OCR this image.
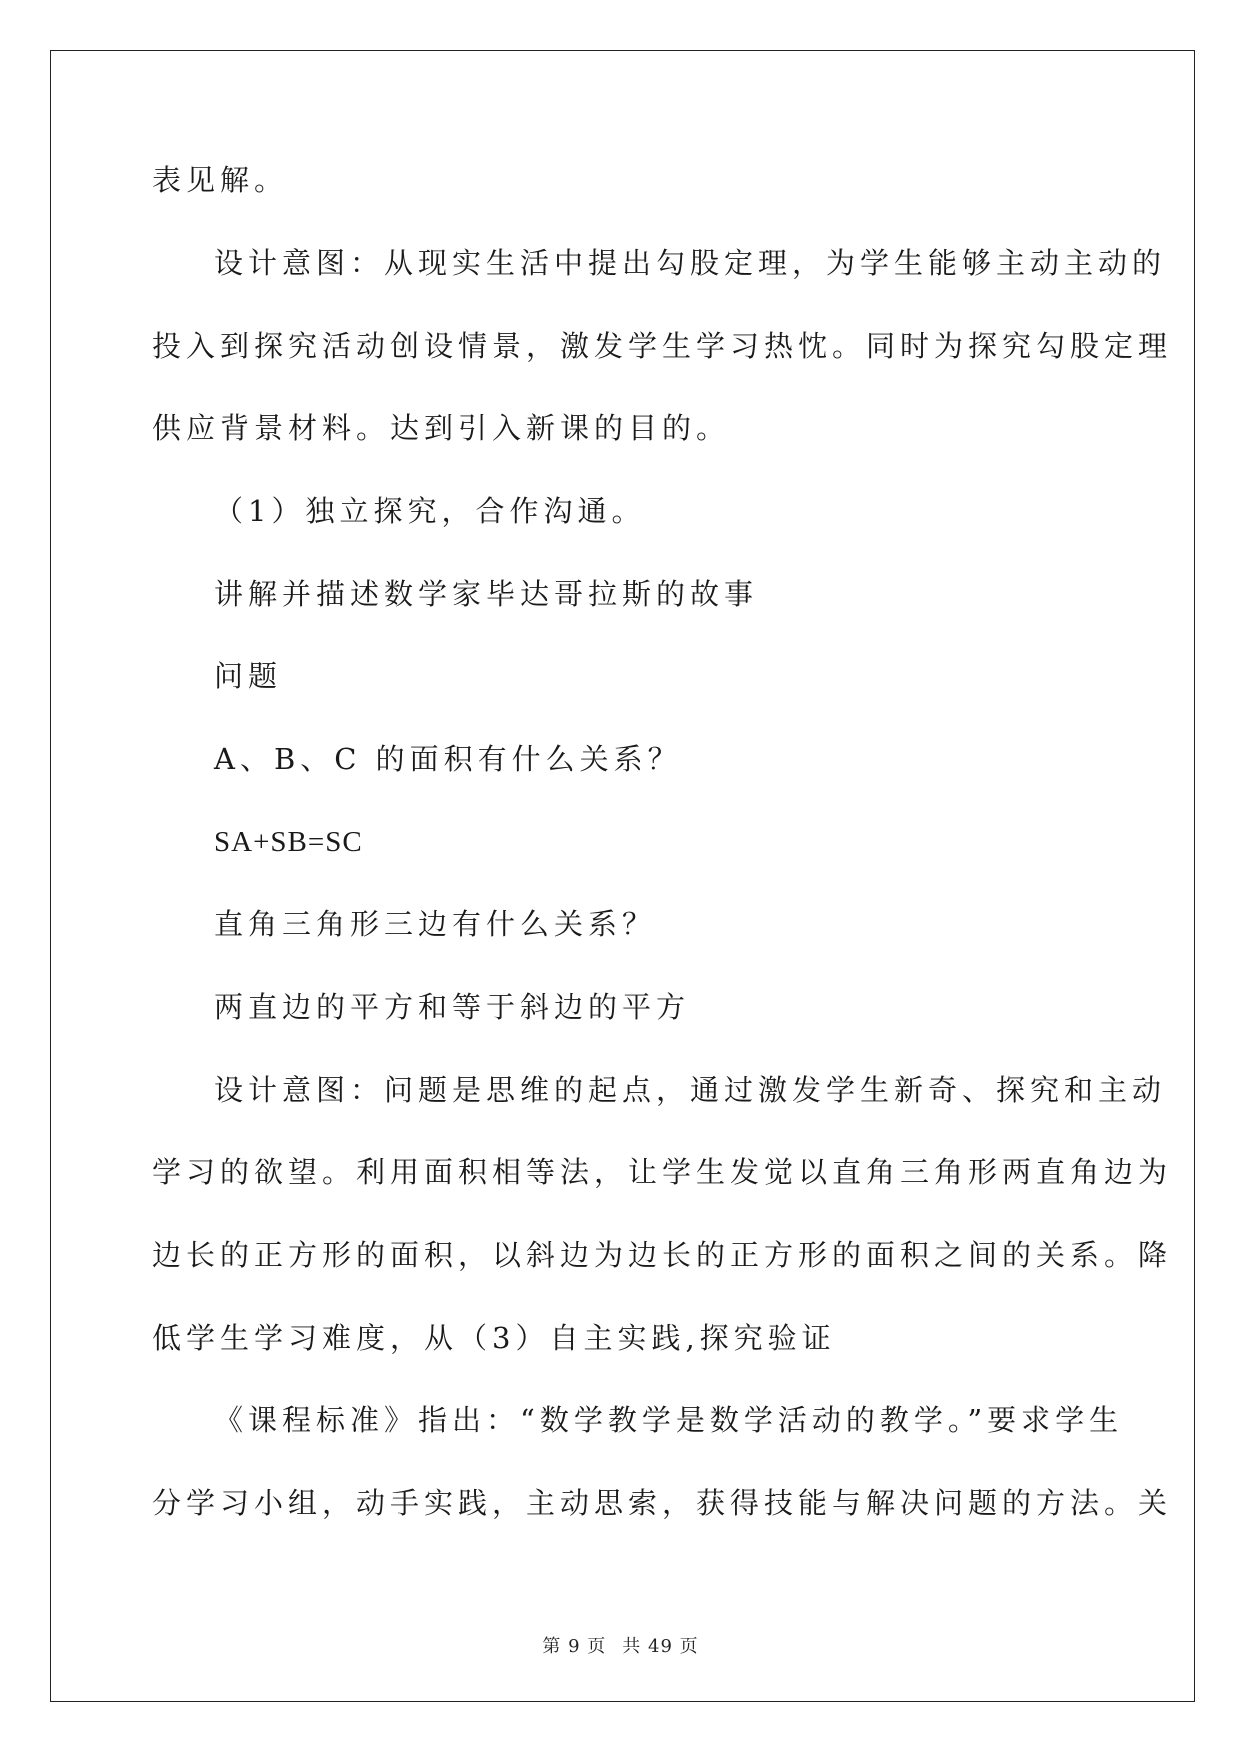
表见解。
设计意图：从现实生活中提出勾股定理，为学生能够主动主动的
投入到探究活动创设情景，激发学生学习热忱。同时为探究勾股定理
供应背景材料。达到引入新课的目的。
（1）独立探究，合作沟通。
讲解并描述数学家毕达哥拉斯的故事
问题
A、B、C 的面积有什么关系？
SA+SB=SC
直角三角形三边有什么关系？
两直边的平方和等于斜边的平方
设计意图：问题是思维的起点，通过激发学生新奇、探究和主动
学习的欲望。利用面积相等法，让学生发觉以直角三角形两直角边为
边长的正方形的面积，以斜边为边长的正方形的面积之间的关系。降
低学生学习难度，从（3）自主实践,探究验证
《课程标准》指出：“数学教学是数学活动的教学。”要求学生
分学习小组，动手实践，主动思索，获得技能与解决问题的方法。关
第 9 页 共 49 页
